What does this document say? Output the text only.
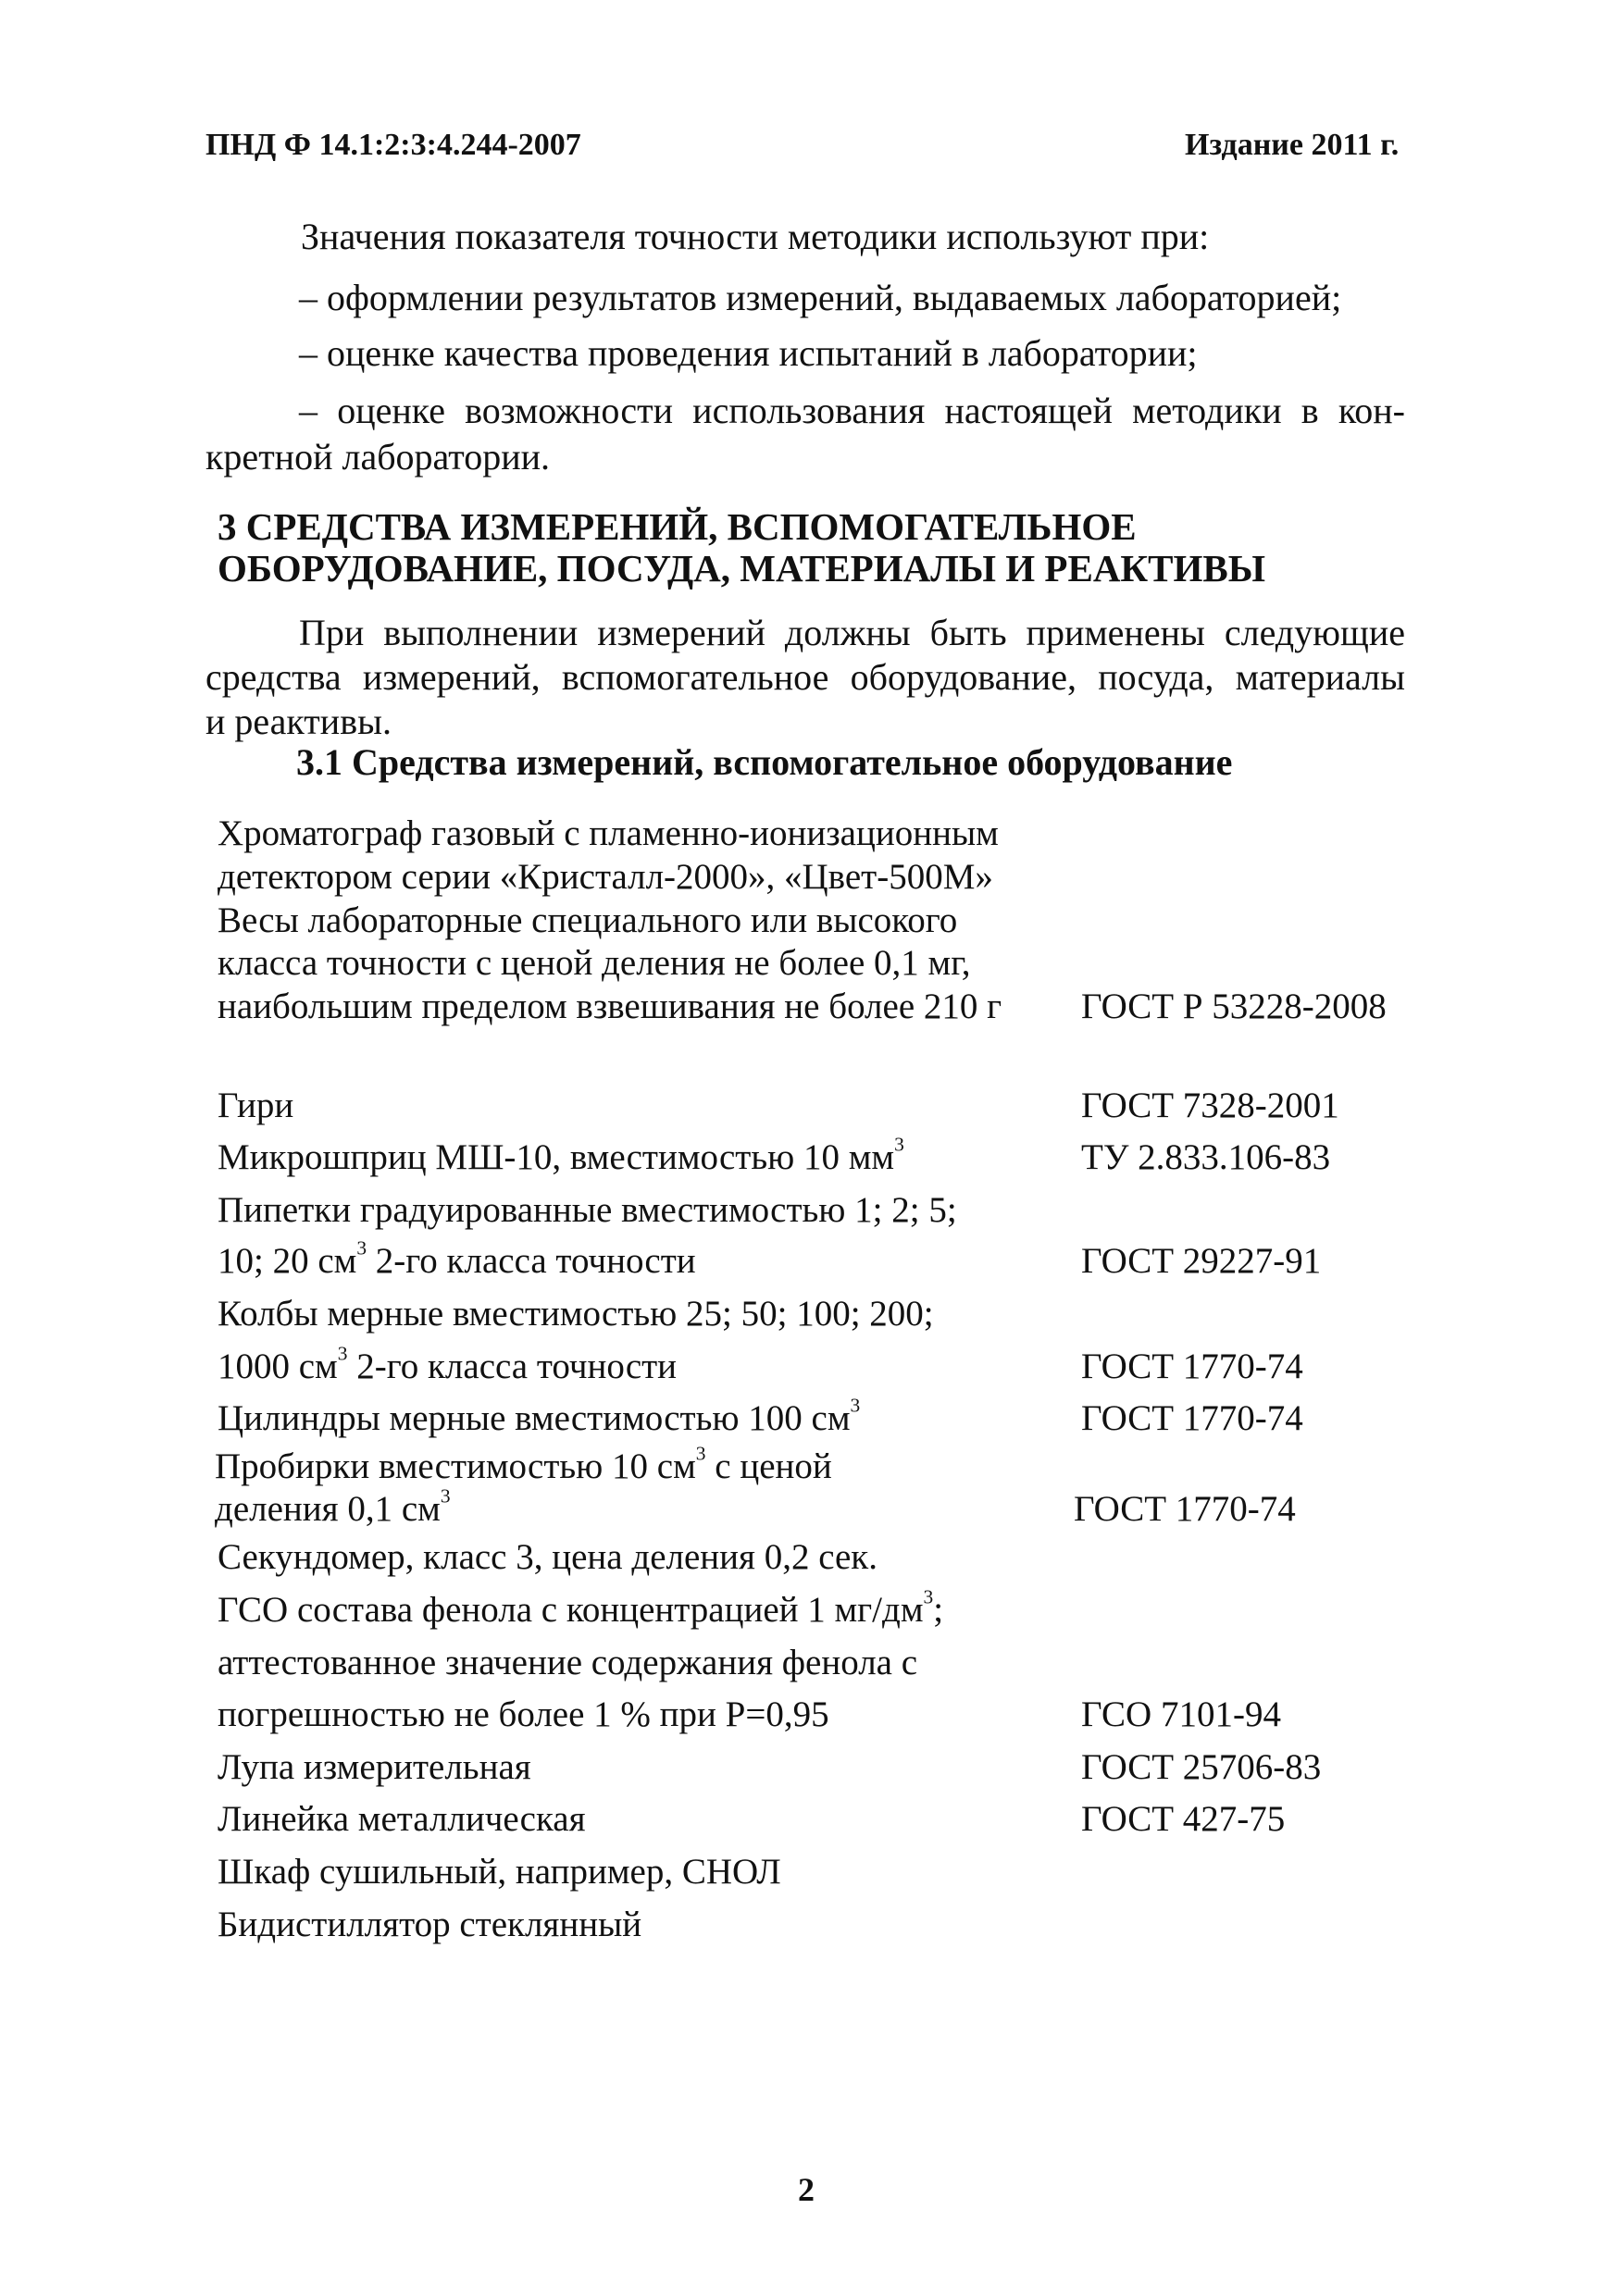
ПНД Ф 14.1:2:3:4.244-2007	Издание 2011 г.
Значения показателя точности методики используют при:
– оформлении результатов измерений, выдаваемых лабораторией;
– оценке качества проведения испытаний в лаборатории;
– оценке возможности использования настоящей методики в кон-
кретной лаборатории.
3 СРЕДСТВА ИЗМЕРЕНИЙ, ВСПОМОГАТЕЛЬНОЕ
ОБОРУДОВАНИЕ, ПОСУДА, МАТЕРИАЛЫ И РЕАКТИВЫ
При выполнении измерений должны быть применены следующие
средства измерений, вспомогательное оборудование, посуда, материалы
и реактивы.
3.1 Средства измерений, вспомогательное оборудование
Хроматограф газовый с пламенно-ионизационным
детектором серии «Кристалл-2000», «Цвет-500М»
Весы лабораторные специального или высокого
класса точности с ценой деления не более 0,1 мг,
наибольшим пределом взвешивания не более 210 г
Гири
Микрошприц МШ-10, вместимостью 10 $мм^3$
Пипетки градуированные вместимостью 1; 2; 5;
10; 20 $см^3$ 2-го класса точности
Колбы мерные вместимостью 25; 50; 100; 200;
1000 $см^3$ 2-го класса точности
Цилиндры мерные вместимостью 100 $см^3$
Пробирки вместимостью 10 $см^3$ с ценой
деления 0,1 $см^3$
Секундомер, класс 3, цена деления 0,2 сек.
ГСО состава фенола с концентрацией 1 $мг/дм^3$;
аттестованное значение содержания фенола с
погрешностью не более 1 % при Р=0,95
Лупа измерительная
Линейка металлическая
Шкаф сушильный, например, СНОЛ
Бидистиллятор стеклянный
ГОСТ Р 53228-2008
ГОСТ 7328-2001
ТУ 2.833.106-83
ГОСТ 29227-91
ГОСТ 1770-74
ГОСТ 1770-74
ГОСТ 1770-74
ГСО 7101-94
ГОСТ 25706-83
ГОСТ 427-75
2
